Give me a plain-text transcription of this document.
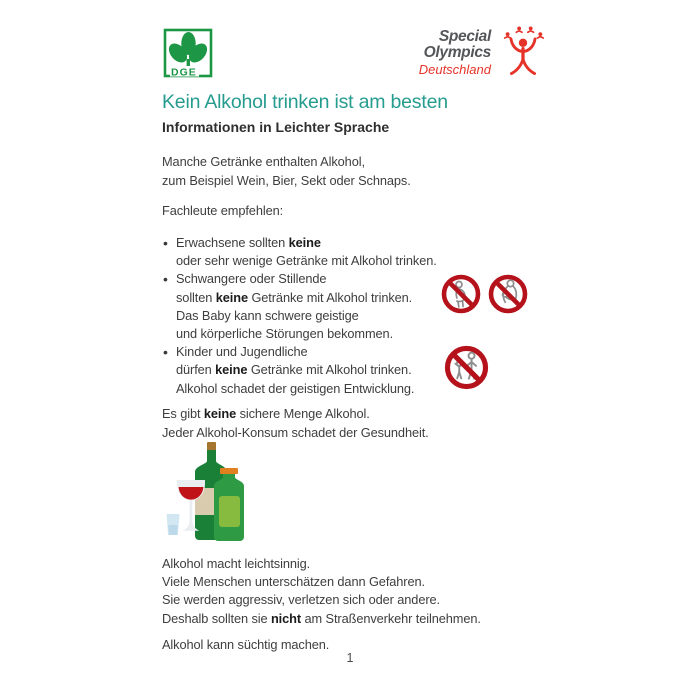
DGE
Special
Olympics
Deutschland
Kein Alkohol trinken ist am besten
Informationen in Leichter Sprache
Manche Getränke enthalten Alkohol,
zum Beispiel Wein, Bier, Sekt oder Schnaps.
Fachleute empfehlen:
• Erwachsene sollten keine
oder sehr wenige Getränke mit Alkohol trinken.
• Schwangere oder Stillende
sollten keine Getränke mit Alkohol trinken.
Das Baby kann schwere geistige
und körperliche Störungen bekommen.
• Kinder und Jugendliche
dürfen keine Getränke mit Alkohol trinken.
Alkohol schadet der geistigen Entwicklung.
Es gibt keine sichere Menge Alkohol.
Jeder Alkohol-Konsum schadet der Gesundheit.
Alkohol macht leichtsinnig.
Viele Menschen unterschätzen dann Gefahren.
Sie werden aggressiv, verletzen sich oder andere.
Deshalb sollten sie nicht am Straßenverkehr teilnehmen.
Alkohol kann süchtig machen.
1
